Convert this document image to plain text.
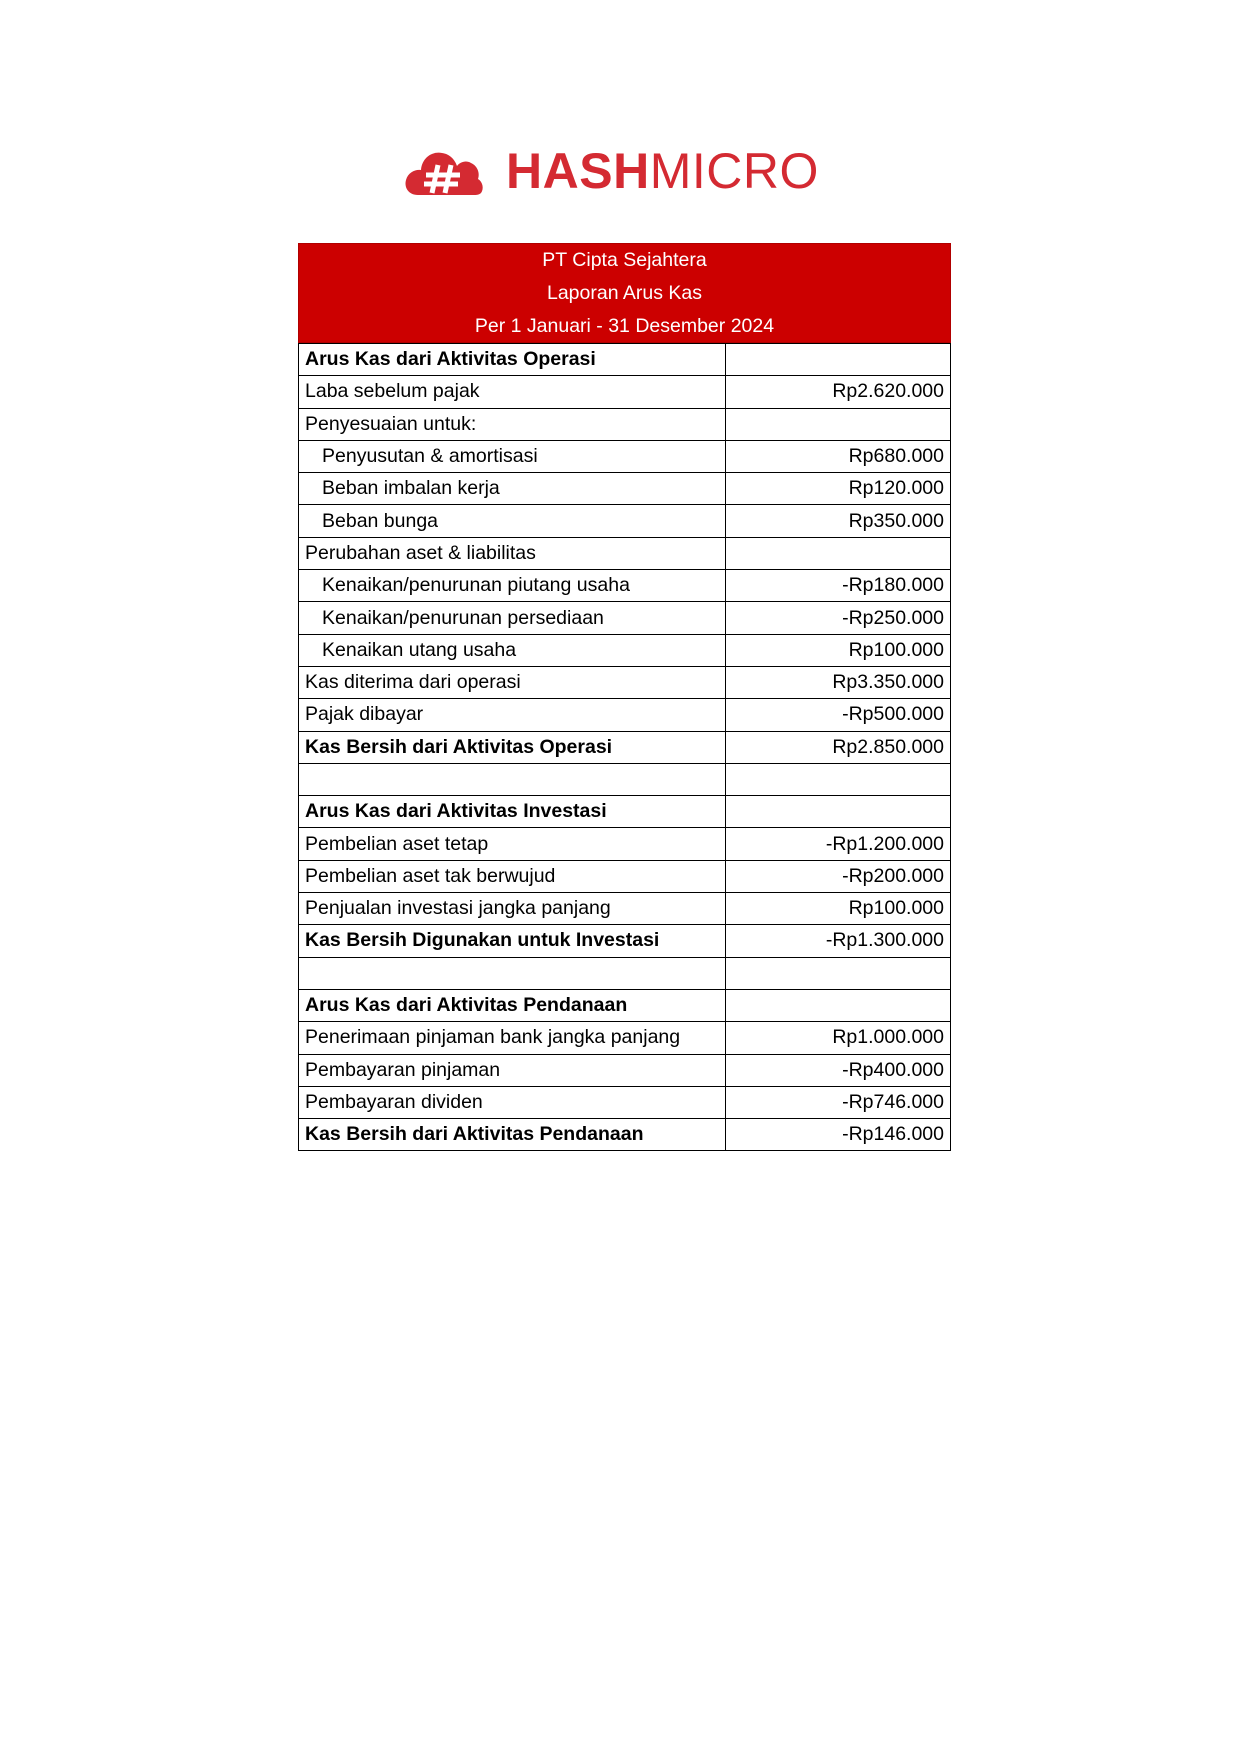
HASHMICRO
PT Cipta Sejahtera
Laporan Arus Kas
Per 1 Januari - 31 Desember 2024
Arus Kas dari Aktivitas Operasi	
Laba sebelum pajak	Rp2.620.000
Penyesuaian untuk:	
Penyusutan & amortisasi	Rp680.000
Beban imbalan kerja	Rp120.000
Beban bunga	Rp350.000
Perubahan aset & liabilitas	
Kenaikan/penurunan piutang usaha	-Rp180.000
Kenaikan/penurunan persediaan	-Rp250.000
Kenaikan utang usaha	Rp100.000
Kas diterima dari operasi	Rp3.350.000
Pajak dibayar	-Rp500.000
Kas Bersih dari Aktivitas Operasi	Rp2.850.000

Arus Kas dari Aktivitas Investasi	
Pembelian aset tetap	-Rp1.200.000
Pembelian aset tak berwujud	-Rp200.000
Penjualan investasi jangka panjang	Rp100.000
Kas Bersih Digunakan untuk Investasi	-Rp1.300.000

Arus Kas dari Aktivitas Pendanaan	
Penerimaan pinjaman bank jangka panjang	Rp1.000.000
Pembayaran pinjaman	-Rp400.000
Pembayaran dividen	-Rp746.000
Kas Bersih dari Aktivitas Pendanaan	-Rp146.000
